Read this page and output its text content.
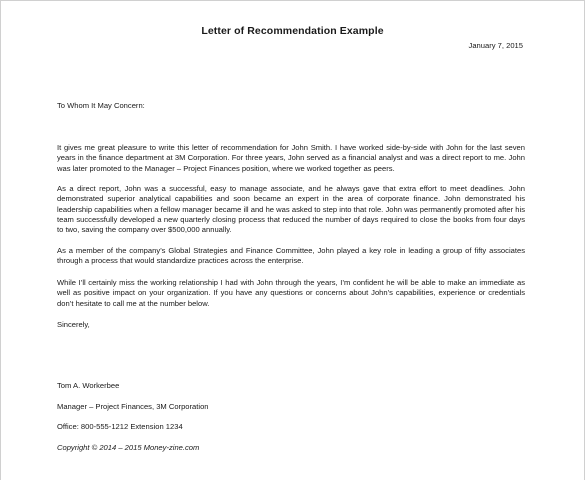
Letter of Recommendation Example
January 7, 2015
To Whom It May Concern:
It gives me great pleasure to write this letter of recommendation for John Smith. I have worked side-by-side with John for the last seven years in the finance department at 3M Corporation. For three years, John served as a financial analyst and was a direct report to me. John was later promoted to the Manager – Project Finances position, where we worked together as peers.
As a direct report, John was a successful, easy to manage associate, and he always gave that extra effort to meet deadlines. John demonstrated superior analytical capabilities and soon became an expert in the area of corporate finance. John demonstrated his leadership capabilities when a fellow manager became ill and he was asked to step into that role. John was permanently promoted after his team successfully developed a new quarterly closing process that reduced the number of days required to close the books from four days to two, saving the company over $500,000 annually.
As a member of the company’s Global Strategies and Finance Committee, John played a key role in leading a group of fifty associates through a process that would standardize practices across the enterprise.
While I’ll certainly miss the working relationship I had with John through the years, I’m confident he will be able to make an immediate as well as positive impact on your organization. If you have any questions or concerns about John’s capabilities, experience or credentials don’t hesitate to call me at the number below.
Sincerely,
Tom A. Workerbee
Manager – Project Finances, 3M Corporation
Office: 800-555-1212 Extension 1234
Copyright © 2014 – 2015 Money-zine.com
